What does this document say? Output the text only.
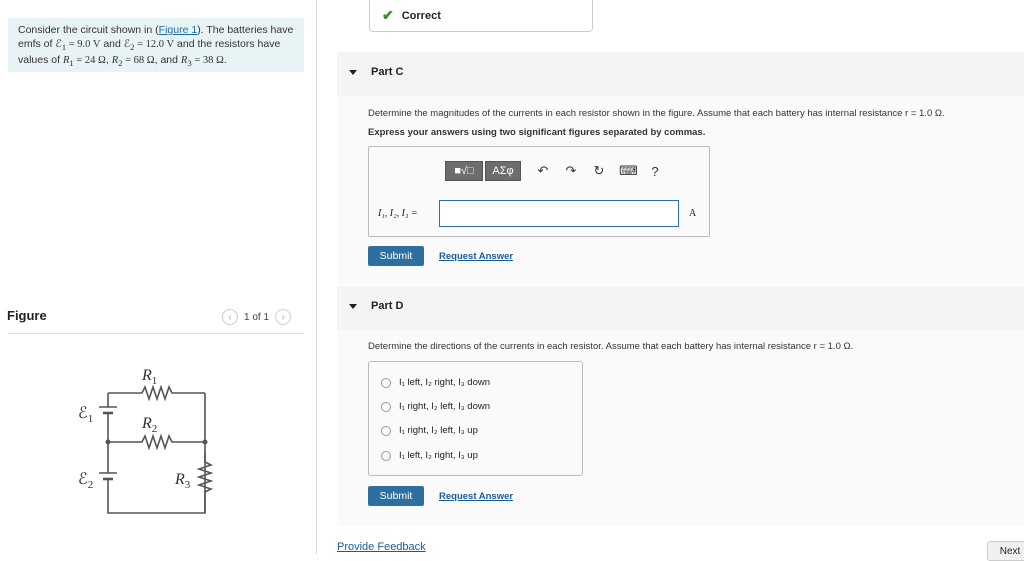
Consider the circuit shown in (Figure 1). The batteries have emfs of ℰ$_1$ = 9.0 V and ℰ$_2$ = 12.0 V and the resistors have values of $R_1 = 24$ Ω, $R_2 = 68$ Ω, and $R_3 = 38$ Ω.
Figure	‹	1 of 1	›
$R_1$
$R_2$
$R_3$
ℰ$_1$
ℰ$_2$
✔ Correct
Part C
Determine the magnitudes of the currents in each resistor shown in the figure. Assume that each battery has internal resistance r = 1.0 Ω.
Express your answers using two significant figures separated by commas.
■√□ ΑΣφ ↶ ↷ ↻ ⌨	?
I₁, I₂, I₃ =	A
Submit	Request Answer
Part D
Determine the directions of the currents in each resistor. Assume that each battery has internal resistance r = 1.0 Ω.
I₁ left, I₂ right, I₃ down
I₁ right, I₂ left, I₃ down
I₁ right, I₂ left, I₃ up
I₁ left, I₂ right, I₃ up
Submit	Request Answer
Provide Feedback	Next
